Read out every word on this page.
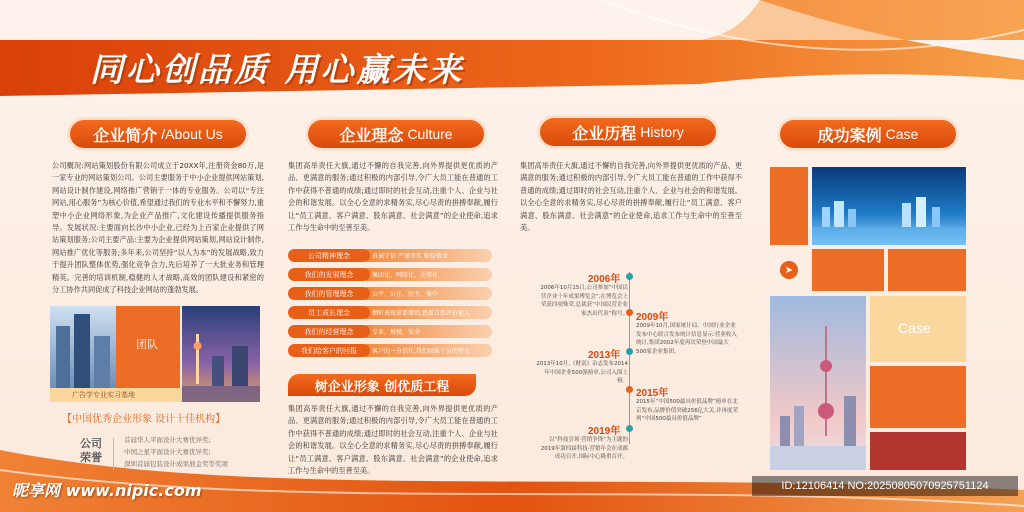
同心创品质 用心赢未来
企业简介 /About Us
公司概况:网站策划股份有限公司成立于20XX年,注册资金80万,是一家专业的网站策划公司。公司主要服务于中小企业提供网站策划,网站设计制作建设,网络推广营销于一体的专业服务。公司以“专注网站,用心服务”为核心价值,希望通过我们的专业水平和不懈努力,重塑中小企业网络形象,为企业产品推广,文化建设传播提供服务指导。发展状况:主要面向长沙中小企业,已经为上百家企业提供了网站策划服务;公司主要产品:主要为企业提供网站策划,网站设计制作,网站推广优化等服务;多年来,公司坚持“以人为本”的发展战略,致力于提升团队整体优势,强化竞争合力,先后培养了一大批业务和管理精英。完善的培训机制,稳健的人才战略,高效的团队建设和紧密的分工协作共同促成了科技企业网站的蓬勃发展。
团队
广告学专业实习基地
【中国优秀企业形象 设计十佳机构】
公司荣誉
首届华人平面设计大赛优异奖;
中国之星平面设计大赛优异奖;
深圳首届包装设计成果展金奖等奖项
企业理念 Culture
集团高举责任大旗,通过不懈的自我完善,向外界提供更优质的产品、更满意的服务;通过积极的内部引导,令广大员工能在普通的工作中获得不普通的成绩;通过即时的社会互动,注重个人、企业与社会的和谐发展。以全心全意的求精务实,尽心尽责的拼搏奉献,履行让“员工满意、客户满意、股东满意、社会满意”的企业使命,追求工作与生命中的至善至美。
真诚守信 严谨务实 勤俭敬业
公司精神理念
集团化、网络化、全球化
我们的发展理念
公平、公正、民主、集中
我们的管理理念
倾听表现重要原则,感激自然评价他人
员工成长理念
专业、规模、安全
我们的经营理念
客户的一分信任,我们回报十分的努力
我们给客户的回报
树企业形象 创优质工程
集团高举责任大旗,通过不懈的自我完善,向外界提供更优质的产品、更满意的服务;通过积极的内部引导,令广大员工能在普通的工作中获得不普通的成绩;通过即时的社会互动,注重个人、企业与社会的和谐发展。以全心全意的求精务实,尽心尽责的拼搏奉献,履行让“员工满意、客户满意、股东满意、社会满意”的企业使命,追求工作与生命中的至善至美。
企业历程 History
集团高举责任大旗,通过不懈的自我完善,向外界提供更优质的产品、更满意的服务;通过积极的内部引导,令广大员工能在普通的工作中获得不普通的成绩;通过即时的社会互动,注重个人、企业与社会的和谐发展。以全心全意的求精务实,尽心尽责的拼搏奉献,履行让“员工满意、客户满意、股东满意、社会满意”的企业使命,追求工作与生命中的至善至美。
2006年
2006年10月15日,公司参加“中国民营企业十年成果博览会”,在博览会上荣获四项殊荣,总裁获“中国民营企业家杰出代表”称号。 2009年
2009年10月,国家统计局、中国行业企业发布中心联合发布统计信息显示:营业收入统计,集团2002年度再次荣登中国最大500家企业集团。
2013年
2013年10月,《财富》杂志发布2014年中国企业500强榜单,公司入围上榜。
2015年
2015年“中国500最具价值品牌”榜单在北京发布,品牌价值突破256亿大关,并再度荣列“中国500最具价值品牌”
2019年
以“科技引领·营销争锋”为主题的2019年第四届科技·营销年会在成都成功召开,国际中心隆重召开。
成功案例 Case
➤
Case
昵享网 www.nipic.com	ID:12106414 NO:20250805070925751124
